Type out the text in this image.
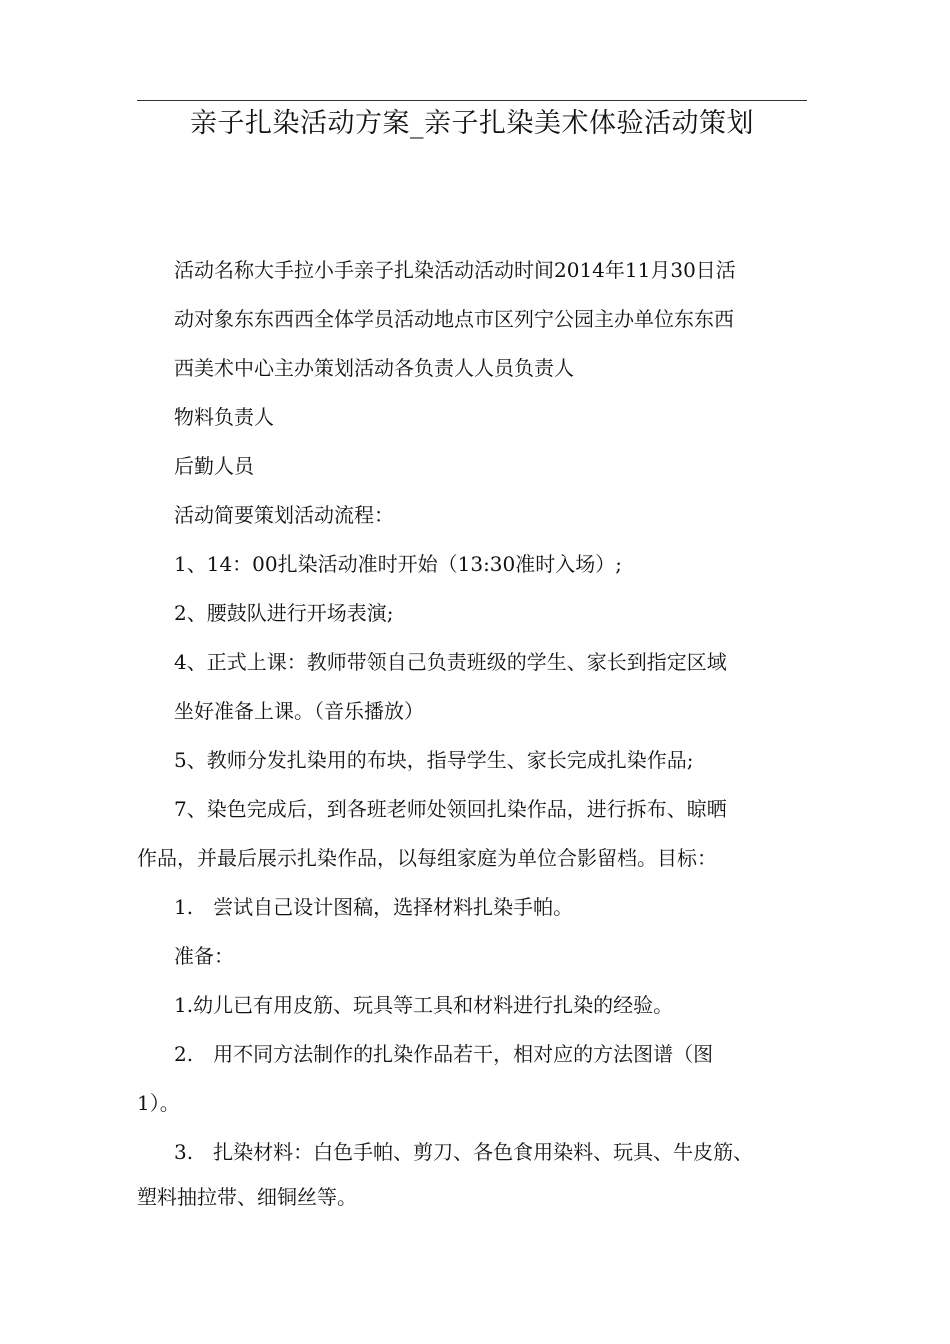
亲子扎染活动方案_亲子扎染美术体验活动策划

活动名称大手拉小手亲子扎染活动活动时间2014年11月30日活

动对象东东西西全体学员活动地点市区列宁公园主办单位东东西

西美术中心主办策划活动各负责人人员负责人

物料负责人

后勤人员

活动简要策划活动流程：

1、14：00扎染活动准时开始（13:30准时入场）;

2、腰鼓队进行开场表演;

4、正式上课：教师带领自己负责班级的学生、家长到指定区域

坐好准备上课。（音乐播放）

5、教师分发扎染用的布块，指导学生、家长完成扎染作品;

7、染色完成后，到各班老师处领回扎染作品，进行拆布、晾晒

作品，并最后展示扎染作品，以每组家庭为单位合影留档。目标：

1.　尝试自己设计图稿，选择材料扎染手帕。

准备：

1.幼儿已有用皮筋、玩具等工具和材料进行扎染的经验。

2.　用不同方法制作的扎染作品若干，相对应的方法图谱（图

1）。

3.　扎染材料：白色手帕、剪刀、各色食用染料、玩具、牛皮筋、

塑料抽拉带、细铜丝等。
